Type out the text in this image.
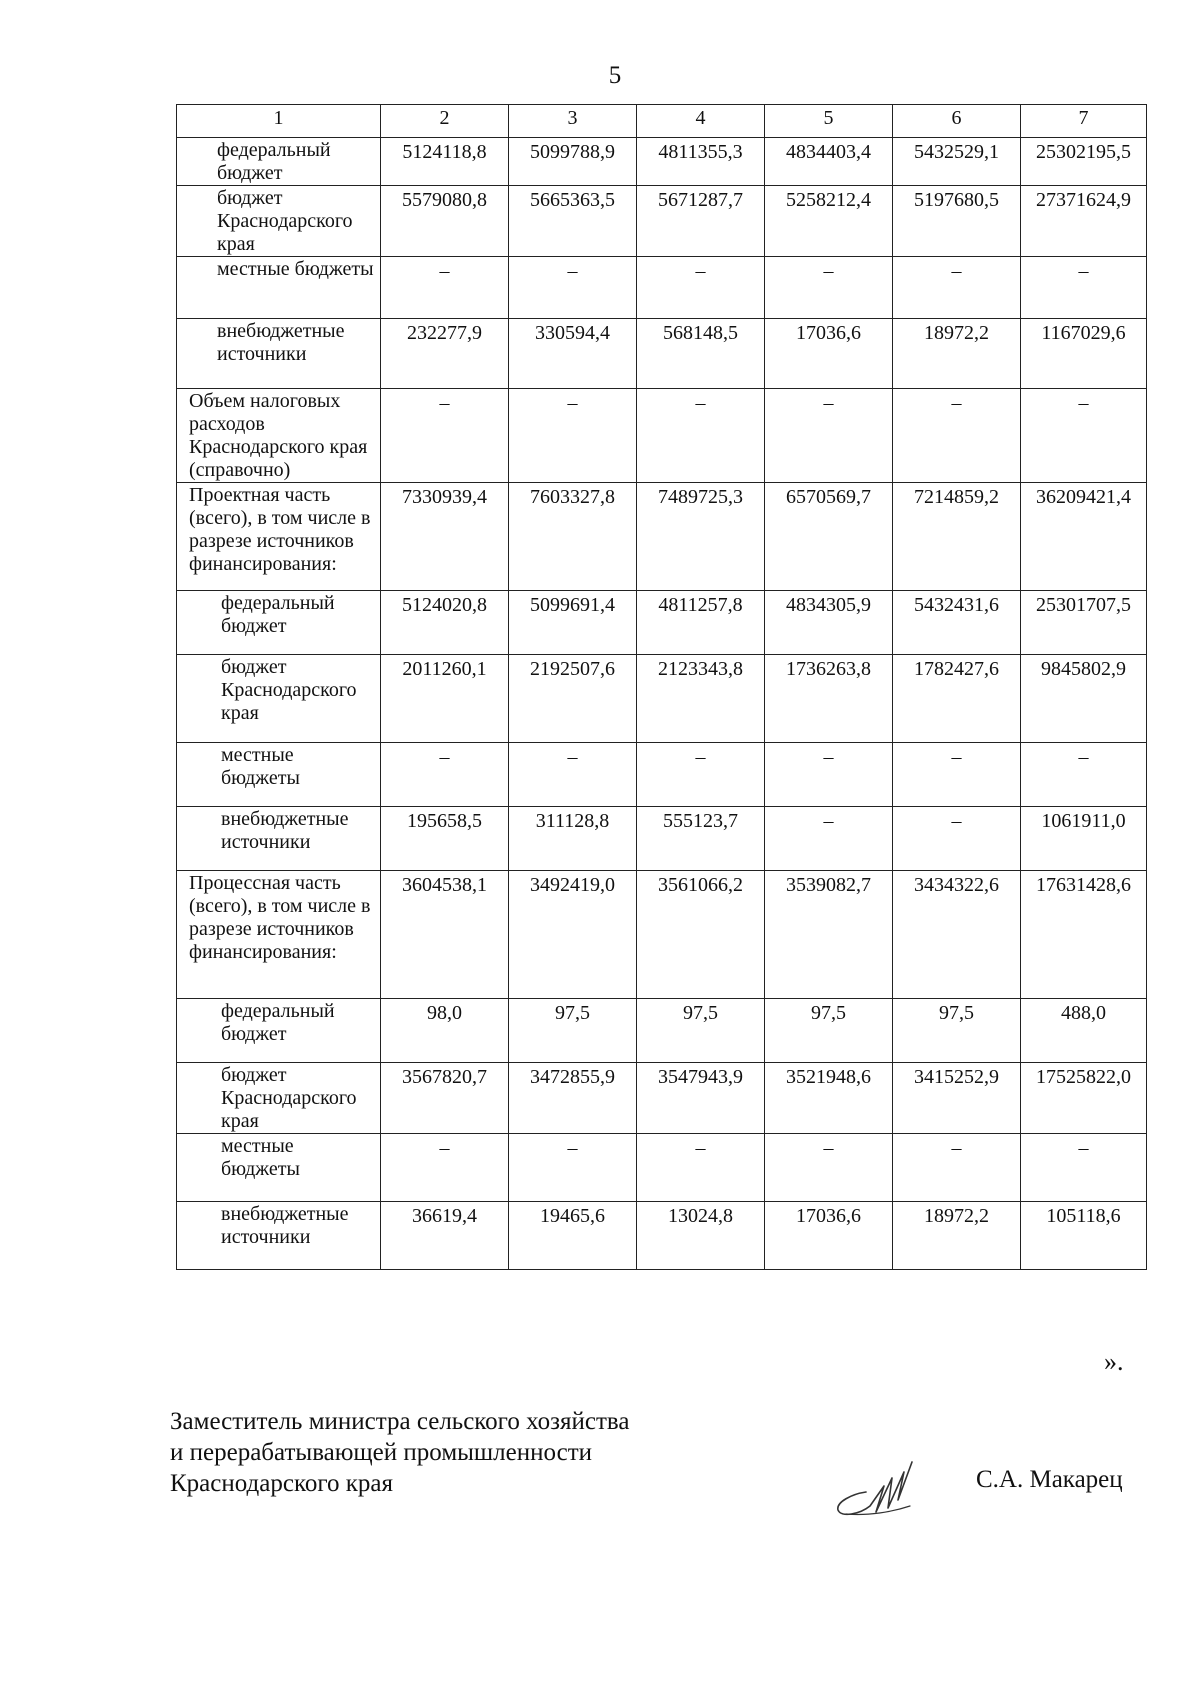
5
1	2	3	4	5	6	7
федеральный бюджет	5124118,8	5099788,9	4811355,3	4834403,4	5432529,1	25302195,5
бюджет Краснодарского края	5579080,8	5665363,5	5671287,7	5258212,4	5197680,5	27371624,9
местные бюджеты	–	–	–	–	–	–
внебюджетные источники	232277,9	330594,4	568148,5	17036,6	18972,2	1167029,6
Объем налоговых расходов Краснодарского края (справочно)	–	–	–	–	–	–
Проектная часть (всего), в том числе в разрезе источников финансирования:	7330939,4	7603327,8	7489725,3	6570569,7	7214859,2	36209421,4
федеральный бюджет	5124020,8	5099691,4	4811257,8	4834305,9	5432431,6	25301707,5
бюджет Краснодарского края	2011260,1	2192507,6	2123343,8	1736263,8	1782427,6	9845802,9
местные бюджеты	–	–	–	–	–	–
внебюджетные источники	195658,5	311128,8	555123,7	–	–	1061911,0
Процессная часть (всего), в том числе в разрезе источников финансирования:	3604538,1	3492419,0	3561066,2	3539082,7	3434322,6	17631428,6
федеральный бюджет	98,0	97,5	97,5	97,5	97,5	488,0
бюджет Краснодарского края	3567820,7	3472855,9	3547943,9	3521948,6	3415252,9	17525822,0
местные бюджеты	–	–	–	–	–	–
внебюджетные источники	36619,4	19465,6	13024,8	17036,6	18972,2	105118,6
».
Заместитель министра сельского хозяйства
и перерабатывающей промышленности
Краснодарского края	С.А. Макарец
